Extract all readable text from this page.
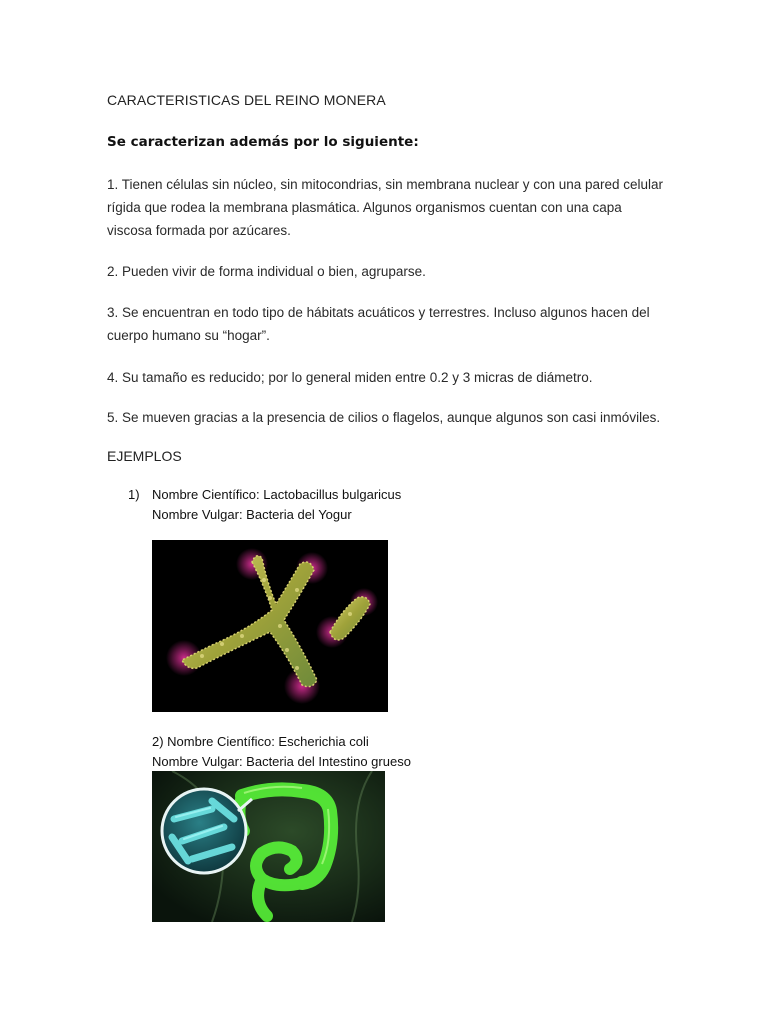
CARACTERISTICAS DEL REINO MONERA
Se caracterizan además por lo siguiente:
1. Tienen células sin núcleo, sin mitocondrias, sin membrana nuclear y con una pared celular rígida que rodea la membrana plasmática. Algunos organismos cuentan con una capa viscosa formada por azúcares.
2. Pueden vivir de forma individual o bien, agruparse.
3. Se encuentran en todo tipo de hábitats acuáticos y terrestres. Incluso algunos hacen del cuerpo humano su “hogar”.
4. Su tamaño es reducido; por lo general miden entre 0.2 y 3 micras de diámetro.
5. Se mueven gracias a la presencia de cilios o flagelos, aunque algunos son casi inmóviles.
EJEMPLOS
1) Nombre Científico: Lactobacillus bulgaricus
Nombre Vulgar: Bacteria del Yogur
2) Nombre Científico: Escherichia coli
Nombre Vulgar: Bacteria del Intestino grueso
